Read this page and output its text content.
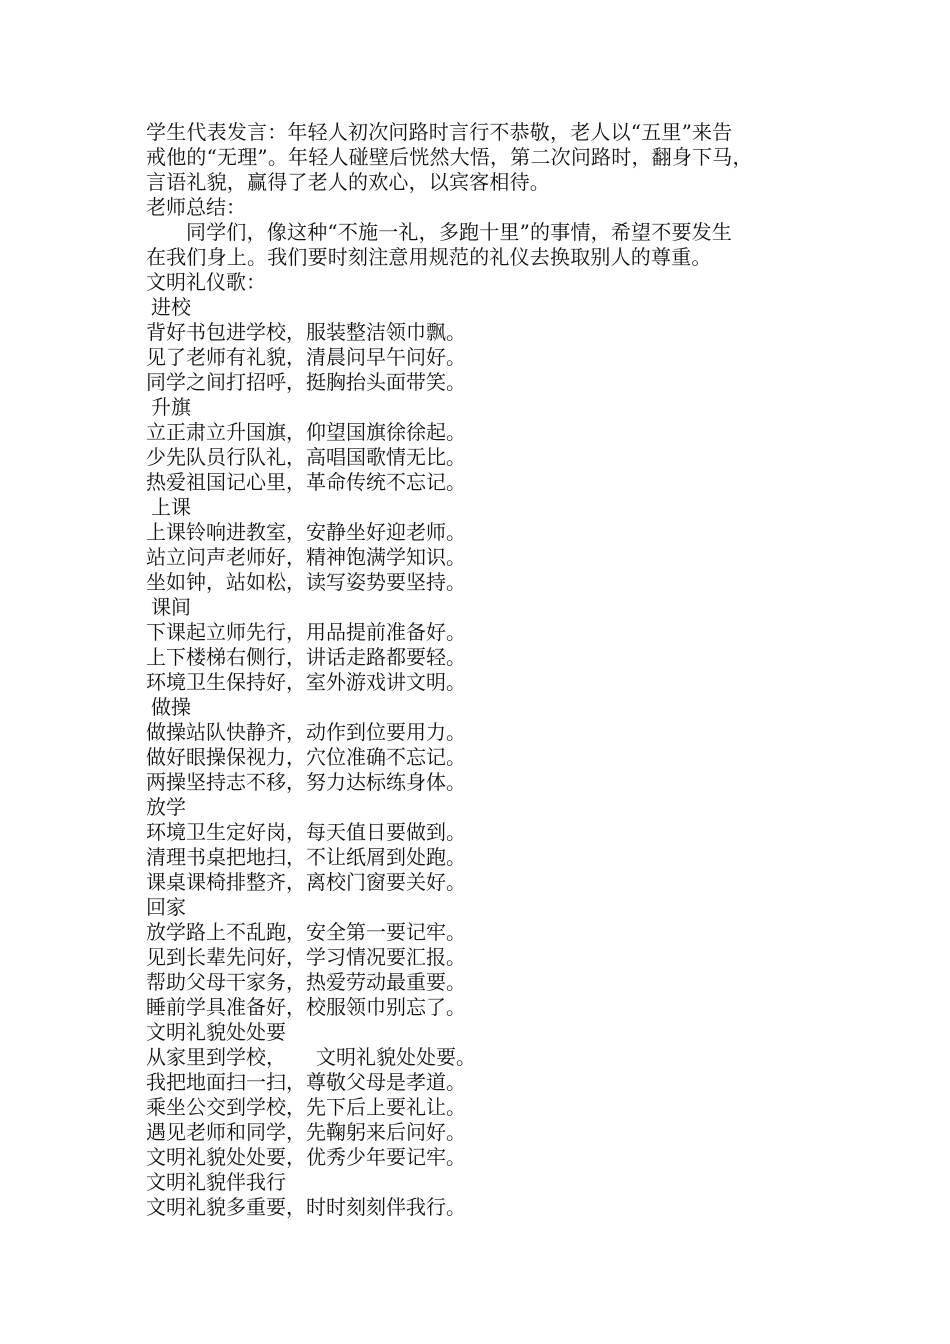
学生代表发言：年轻人初次问路时言行不恭敬，老人以“五里”来告
戒他的“无理”。年轻人碰壁后恍然大悟，第二次问路时，翻身下马，
言语礼貌，赢得了老人的欢心，以宾客相待。
老师总结：
同学们，像这种“不施一礼，多跑十里”的事情，希望不要发生
在我们身上。我们要时刻注意用规范的礼仪去换取别人的尊重。
文明礼仪歌：
进校
背好书包进学校，服装整洁领巾飘。
见了老师有礼貌，清晨问早午问好。
同学之间打招呼，挺胸抬头面带笑。
升旗
立正肃立升国旗，仰望国旗徐徐起。
少先队员行队礼，高唱国歌情无比。
热爱祖国记心里，革命传统不忘记。
上课
上课铃响进教室，安静坐好迎老师。
站立问声老师好，精神饱满学知识。
坐如钟，站如松，读写姿势要坚持。
课间
下课起立师先行，用品提前准备好。
上下楼梯右侧行，讲话走路都要轻。
环境卫生保持好，室外游戏讲文明。
做操
做操站队快静齐，动作到位要用力。
做好眼操保视力，穴位准确不忘记。
两操坚持志不移，努力达标练身体。
放学
环境卫生定好岗，每天值日要做到。
清理书桌把地扫，不让纸屑到处跑。
课桌课椅排整齐，离校门窗要关好。
回家
放学路上不乱跑，安全第一要记牢。
见到长辈先问好，学习情况要汇报。
帮助父母干家务，热爱劳动最重要。
睡前学具准备好，校服领巾别忘了。
文明礼貌处处要
从家里到学校， 文明礼貌处处要。
我把地面扫一扫，尊敬父母是孝道。
乘坐公交到学校，先下后上要礼让。
遇见老师和同学，先鞠躬来后问好。
文明礼貌处处要，优秀少年要记牢。
文明礼貌伴我行
文明礼貌多重要，时时刻刻伴我行。
